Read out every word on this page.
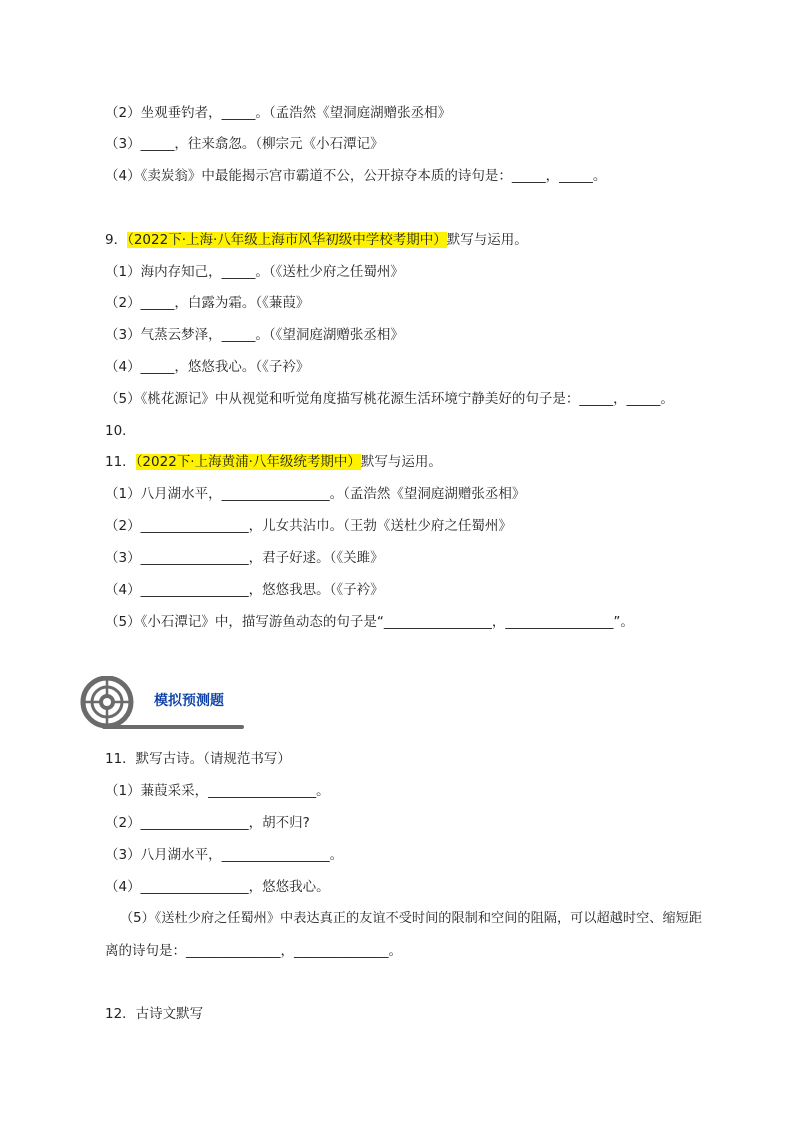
（2）坐观垂钓者，_____。（孟浩然《望洞庭湖赠张丞相》
（3）_____，往来翕忽。（柳宗元《小石潭记》
（4）《卖炭翁》中最能揭示宫市霸道不公，公开掠夺本质的诗句是：_____，_____。
9．（2022下·上海·八年级上海市风华初级中学校考期中）默写与运用。
（1）海内存知己，_____。（《送杜少府之任蜀州》
（2）_____，白露为霜。（《蒹葭》
（3）气蒸云梦泽，_____。（《望洞庭湖赠张丞相》
（4）_____，悠悠我心。（《子衿》
（5）《桃花源记》中从视觉和听觉角度描写桃花源生活环境宁静美好的句子是：_____，_____。
10．
11．（2022下·上海黄浦·八年级统考期中）默写与运用。
（1）八月湖水平，________________。（孟浩然《望洞庭湖赠张丞相》
（2）________________，儿女共沾巾。（王勃《送杜少府之任蜀州》
（3）________________，君子好逑。（《关雎》
（4）________________，悠悠我思。（《子衿》
（5）《小石潭记》中，描写游鱼动态的句子是“________________，________________”。
模拟预测题
11．默写古诗。（请规范书写）
（1）蒹葭采采，________________。
（2）________________，胡不归?
（3）八月湖水平，________________。
（4）________________，悠悠我心。
（5）《送杜少府之任蜀州》中表达真正的友谊不受时间的限制和空间的阻隔，可以超越时空、缩短距
离的诗句是：______________，______________。
12．古诗文默写
